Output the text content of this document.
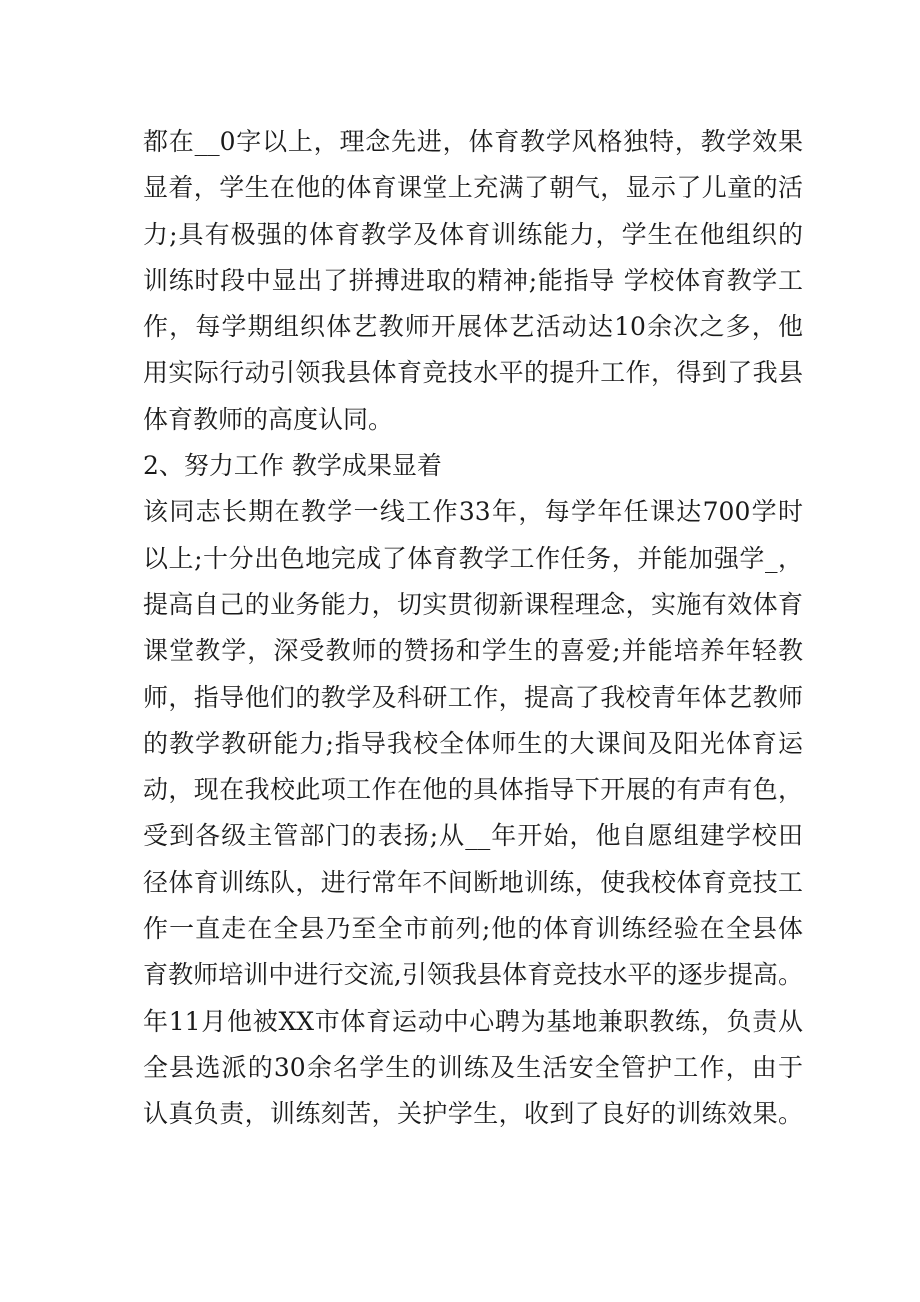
都在__0字以上，理念先进，体育教学风格独特，教学效果
显着，学生在他的体育课堂上充满了朝气，显示了儿童的活
力;具有极强的体育教学及体育训练能力，学生在他组织的
训练时段中显出了拼搏进取的精神;能指导 学校体育教学工
作，每学期组织体艺教师开展体艺活动达10余次之多，他
用实际行动引领我县体育竞技水平的提升工作，得到了我县
体育教师的高度认同。
2、努力工作 教学成果显着
该同志长期在教学一线工作33年，每学年任课达700学时
以上;十分出色地完成了体育教学工作任务，并能加强学_，
提高自己的业务能力，切实贯彻新课程理念，实施有效体育
课堂教学，深受教师的赞扬和学生的喜爱;并能培养年轻教
师，指导他们的教学及科研工作，提高了我校青年体艺教师
的教学教研能力;指导我校全体师生的大课间及阳光体育运
动，现在我校此项工作在他的具体指导下开展的有声有色，
受到各级主管部门的表扬;从__年开始，他自愿组建学校田
径体育训练队，进行常年不间断地训练，使我校体育竞技工
作一直走在全县乃至全市前列;他的体育训练经验在全县体
育教师培训中进行交流,引领我县体育竞技水平的逐步提高。
年11月他被XX市体育运动中心聘为基地兼职教练，负责从
全县选派的30余名学生的训练及生活安全管护工作，由于
认真负责，训练刻苦，关护学生，收到了良好的训练效果。
